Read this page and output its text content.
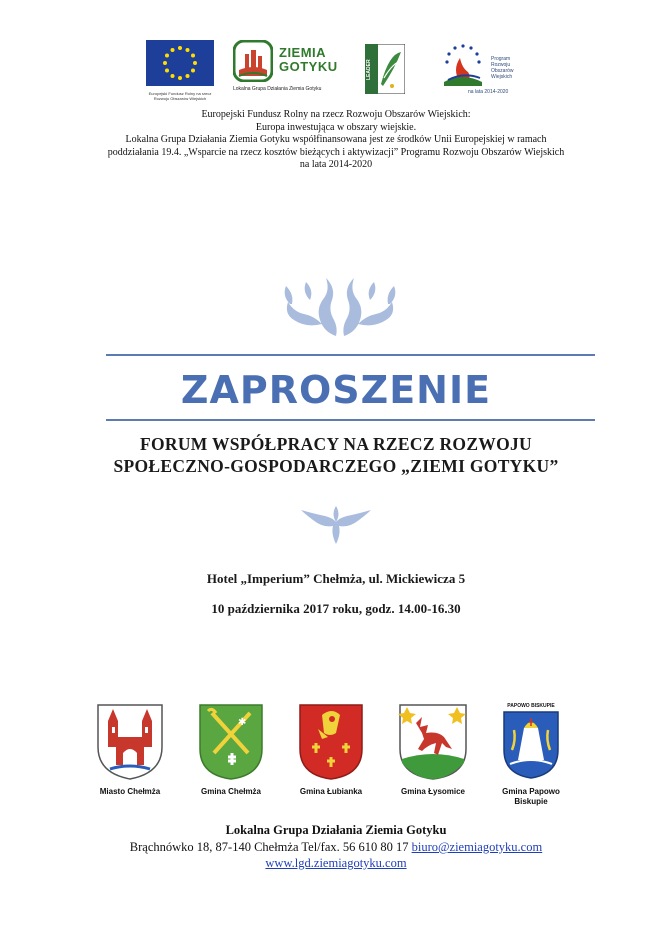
Europejski Fundusz Rolny na rzecz
Rozwoju Obszarów Wiejskich
ZIEMIA
GOTYKU
Lokalna Grupa Działania Ziemia Gotyku
LEADER
Program
Rozwoju
Obszarów
Wiejskich
na lata 2014-2020
Europejski Fundusz Rolny na rzecz Rozwoju Obszarów Wiejskich:
Europa inwestująca w obszary wiejskie.
Lokalna Grupa Działania Ziemia Gotyku współfinansowana jest ze środków Unii Europejskiej w ramach
poddziałania 19.4. „Wsparcie na rzecz kosztów bieżących i aktywizacji” Programu Rozwoju Obszarów Wiejskich
na lata 2014-2020
ZAPROSZENIE
FORUM WSPÓŁPRACY NA RZECZ ROZWOJU
SPOŁECZNO-GOSPODARCZEGO „ZIEMI GOTYKU”
Hotel „Imperium” Chełmża, ul. Mickiewicza 5
10 października 2017 roku, godz. 14.00-16.30
Miasto Chełmża
✱
Gmina Chełmża	Gmina Łubianka	Gmina Łysomice
PAPOWO BISKUPIE
Gmina Papowo
Biskupie
Lokalna Grupa Działania Ziemia Gotyku
Brąchnówko 18, 87-140 Chełmża Tel/fax. 56 610 80 17 biuro@ziemiagotyku.com
www.lgd.ziemiagotyku.com
